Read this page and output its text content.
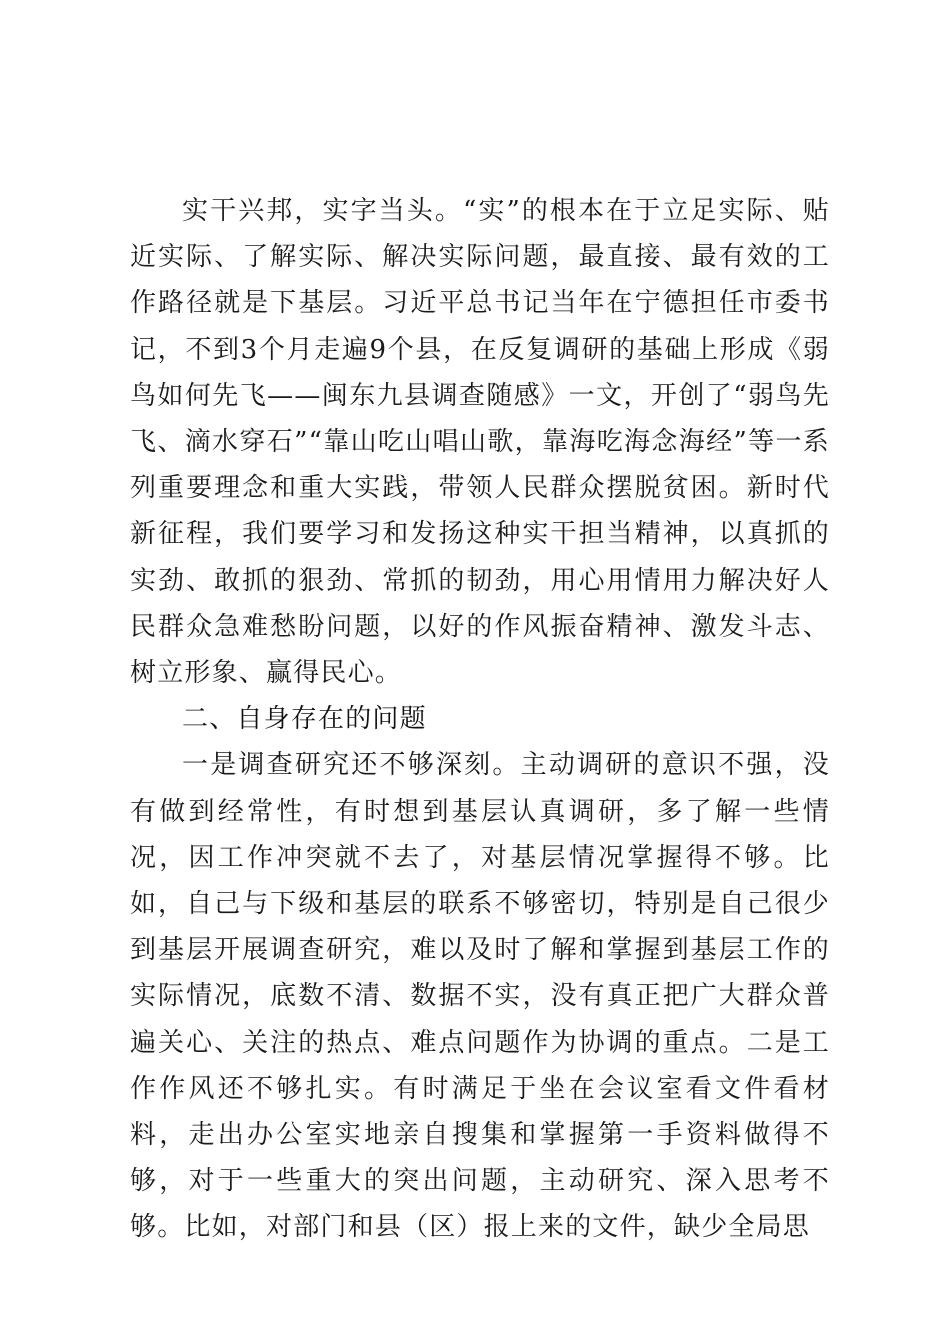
实干兴邦，实字当头。“实”的根本在于立足实际、贴近实际、了解实际、解决实际问题，最直接、最有效的工作路径就是下基层。习近平总书记当年在宁德担任市委书记，不到3个月走遍9个县，在反复调研的基础上形成《弱鸟如何先飞——闽东九县调查随感》一文，开创了“弱鸟先飞、滴水穿石”“靠山吃山唱山歌，靠海吃海念海经”等一系列重要理念和重大实践，带领人民群众摆脱贫困。新时代新征程，我们要学习和发扬这种实干担当精神，以真抓的实劲、敢抓的狠劲、常抓的韧劲，用心用情用力解决好人民群众急难愁盼问题，以好的作风振奋精神、激发斗志、树立形象、赢得民心。

二、自身存在的问题

一是调查研究还不够深刻。主动调研的意识不强，没有做到经常性，有时想到基层认真调研，多了解一些情况，因工作冲突就不去了，对基层情况掌握得不够。比如，自己与下级和基层的联系不够密切，特别是自己很少到基层开展调查研究，难以及时了解和掌握到基层工作的实际情况，底数不清、数据不实，没有真正把广大群众普遍关心、关注的热点、难点问题作为协调的重点。二是工作作风还不够扎实。有时满足于坐在会议室看文件看材料，走出办公室实地亲自搜集和掌握第一手资料做得不够，对于一些重大的突出问题，主动研究、深入思考不够。比如，对部门和县（区）报上来的文件，缺少全局思
